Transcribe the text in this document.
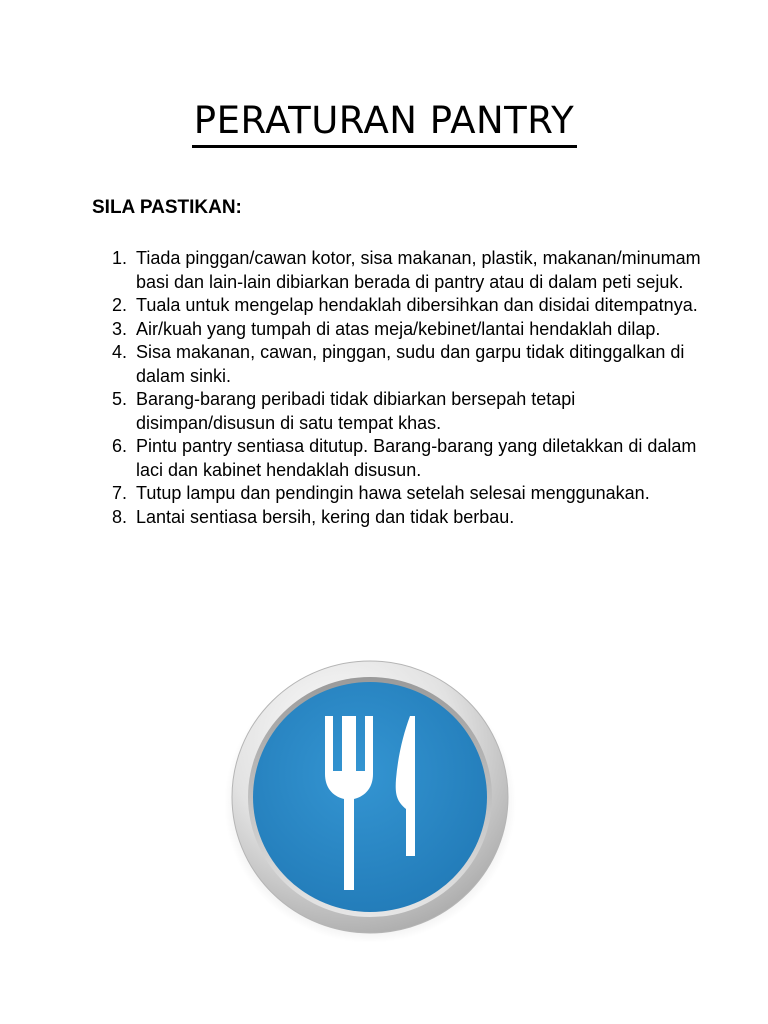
PERATURAN PANTRY
SILA PASTIKAN:
1. Tiada pinggan/cawan kotor, sisa makanan, plastik, makanan/minumam basi dan lain-lain dibiarkan berada di pantry atau di dalam peti sejuk.
2. Tuala untuk mengelap hendaklah dibersihkan dan disidai ditempatnya.
3. Air/kuah yang tumpah di atas meja/kebinet/lantai hendaklah dilap.
4. Sisa makanan, cawan, pinggan, sudu dan garpu tidak ditinggalkan di dalam sinki.
5. Barang-barang peribadi tidak dibiarkan bersepah tetapi disimpan/disusun di satu tempat khas.
6. Pintu pantry sentiasa ditutup. Barang-barang yang diletakkan di dalam laci dan kabinet hendaklah disusun.
7. Tutup lampu dan pendingin hawa setelah selesai menggunakan.
8. Lantai sentiasa bersih, kering dan tidak berbau.
